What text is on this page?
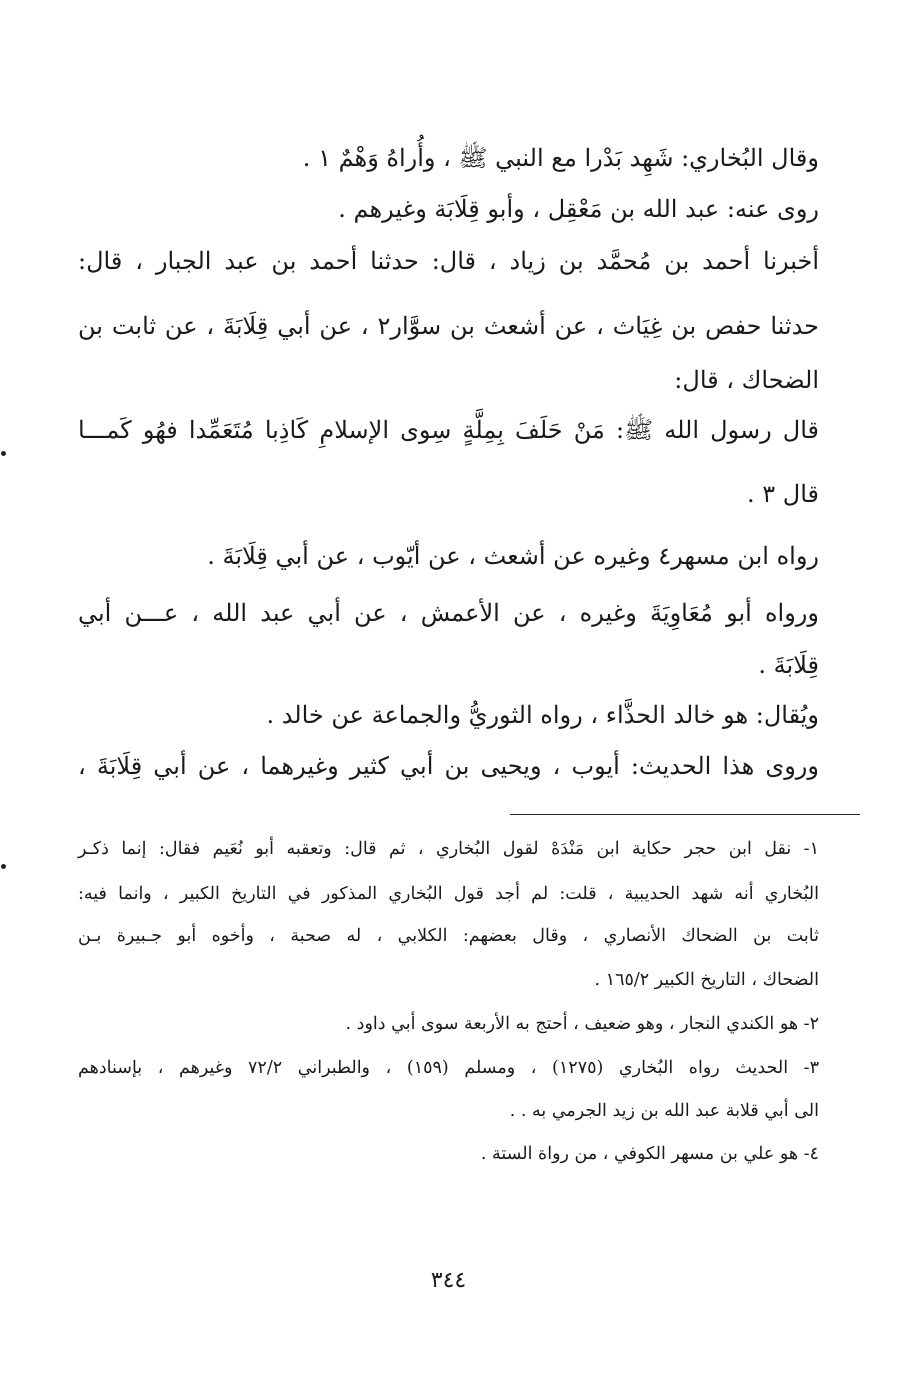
وقال البُخاري: شَهِد بَدْرا مع النبي ﷺ ، وأُراهُ وَهْمٌ ١ .
روى عنه: عبد الله بن مَعْقِل ، وأبو قِلَابَة وغيرهم .
أخبرنا أحمد بن مُحمَّد بن زياد ، قال: حدثنا أحمد بن عبد الجبار ، قال:
حدثنا حفص بن غِيَاث ، عن أشعث بن سوَّار٢ ، عن أبي قِلَابَةَ ، عن ثابت بن
الضحاك ، قال:
قال رسول الله ﷺ: مَنْ حَلَفَ بِمِلَّةٍ سِوى الإسلامِ كَاذِبا مُتَعَمِّدا فهُو كَمـــا
قال ٣ .
رواه ابن مسهر٤ وغيره عن أشعث ، عن أيّوب ، عن أبي قِلَابَةَ .
ورواه أبو مُعَاوِيَةَ وغيره ، عن الأعمش ، عن أبي عبد الله ، عـــن أبي
قِلَابَةَ .
ويُقال: هو خالد الحذَّاء ، رواه الثوريُّ والجماعة عن خالد .
وروى هذا الحديث: أيوب ، ويحيى بن أبي كثير وغيرهما ، عن أبي قِلَابَةَ ،
١- نقل ابن حجر حكاية ابن مَنْدَهْ لقول البُخاري ، ثم قال: وتعقبه أبو نُعَيم فقال: إنما ذكـر
البُخاري أنه شهد الحديبية ، قلت: لم أجد قول البُخاري المذكور في التاريخ الكبير ، وانما فيه:
ثابت بن الضحاك الأنصاري ، وقال بعضهم: الكلابي ، له صحبة ، وأخوه أبو جـبيرة بـن
الضحاك ، التاريخ الكبير ١٦٥/٢ .
٢- هو الكندي النجار ، وهو ضعيف ، أحتج به الأربعة سوى أبي داود .
٣- الحديث رواه البُخاري (١٢٧٥) ، ومسلم (١٥٩) ، والطبراني ٧٢/٢ وغيرهم ، بإسنادهم
الى أبي قلابة عبد الله بن زيد الجرمي به . .
٤- هو علي بن مسهر الكوفي ، من رواة الستة .
٣٤٤
